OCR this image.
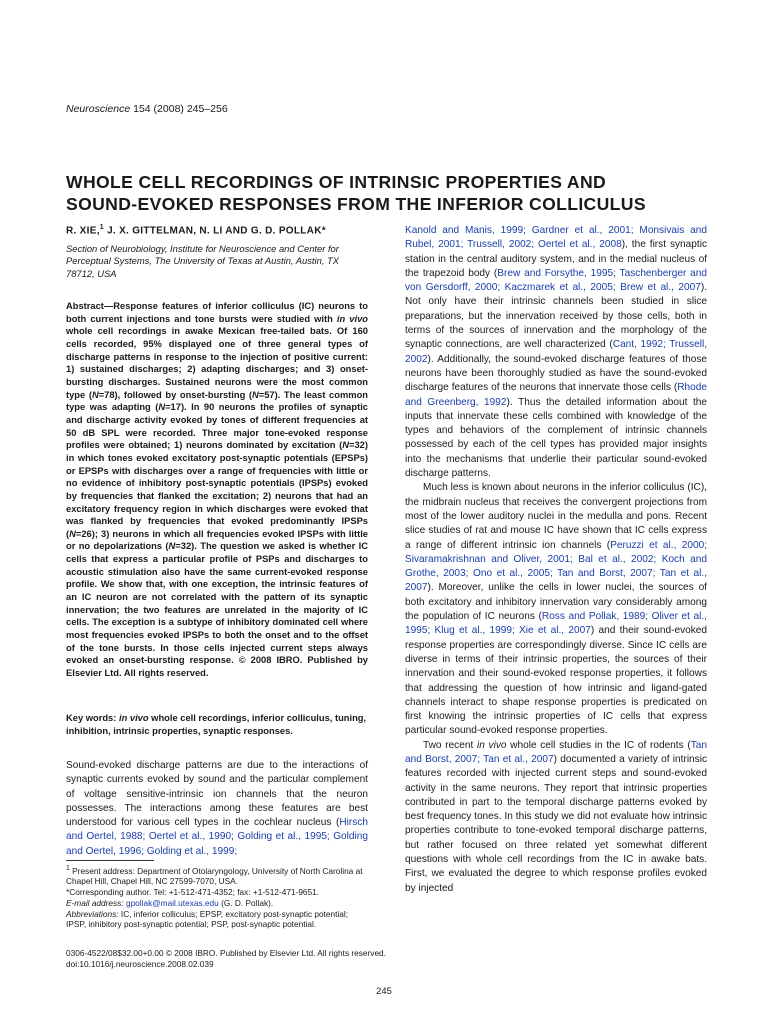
Neuroscience 154 (2008) 245–256
WHOLE CELL RECORDINGS OF INTRINSIC PROPERTIES AND
SOUND-EVOKED RESPONSES FROM THE INFERIOR COLLICULUS
R. XIE,$^1$ J. X. GITTELMAN, N. LI AND G. D. POLLAK*
Section of Neurobiology, Institute for Neuroscience and Center for Perceptual Systems, The University of Texas at Austin, Austin, TX 78712, USA
Abstract—Response features of inferior colliculus (IC) neurons to both current injections and tone bursts were studied with in vivo whole cell recordings in awake Mexican free-tailed bats. Of 160 cells recorded, 95% displayed one of three general types of discharge patterns in response to the injection of positive current: 1) sustained discharges; 2) adapting discharges; and 3) onset-bursting discharges. Sustained neurons were the most common type (N=78), followed by onset-bursting (N=57). The least common type was adapting (N=17). In 90 neurons the profiles of synaptic and discharge activity evoked by tones of different frequencies at 50 dB SPL were recorded. Three major tone-evoked response profiles were obtained; 1) neurons dominated by excitation (N=32) in which tones evoked excitatory post-synaptic potentials (EPSPs) or EPSPs with discharges over a range of frequencies with little or no evidence of inhibitory post-synaptic potentials (IPSPs) evoked by frequencies that flanked the excitation; 2) neurons that had an excitatory frequency region in which discharges were evoked that was flanked by frequencies that evoked predominantly IPSPs (N=26); 3) neurons in which all frequencies evoked IPSPs with little or no depolarizations (N=32). The question we asked is whether IC cells that express a particular profile of PSPs and discharges to acoustic stimulation also have the same current-evoked response profile. We show that, with one exception, the intrinsic features of an IC neuron are not correlated with the pattern of its synaptic innervation; the two features are unrelated in the majority of IC cells. The exception is a subtype of inhibitory dominated cell where most frequencies evoked IPSPs to both the onset and to the offset of the tone bursts. In those cells injected current steps always evoked an onset-bursting response. © 2008 IBRO. Published by Elsevier Ltd. All rights reserved.
Key words: in vivo whole cell recordings, inferior colliculus, tuning, inhibition, intrinsic properties, synaptic responses.
Sound-evoked discharge patterns are due to the interactions of synaptic currents evoked by sound and the particular complement of voltage sensitive-intrinsic ion channels that the neuron possesses. The interactions among these features are best understood for various cell types in the cochlear nucleus (Hirsch and Oertel, 1988; Oertel et al., 1990; Golding et al., 1995; Golding and Oertel, 1996; Golding et al., 1999;
$^1$ Present address: Department of Otolaryngology, University of North Carolina at Chapel Hill, Chapel Hill, NC 27599-7070, USA.
*Corresponding author. Tel: +1-512-471-4352; fax: +1-512-471-9651.
E-mail address: gpollak@mail.utexas.edu (G. D. Pollak).
Abbreviations: IC, inferior colliculus; EPSP, excitatory post-synaptic potential; IPSP, inhibitory post-synaptic potential; PSP, post-synaptic potential.
0306-4522/08$32.00+0.00 © 2008 IBRO. Published by Elsevier Ltd. All rights reserved.
doi:10.1016/j.neuroscience.2008.02.039

Kanold and Manis, 1999; Gardner et al., 2001; Monsivais and Rubel, 2001; Trussell, 2002; Oertel et al., 2008), the first synaptic station in the central auditory system, and in the medial nucleus of the trapezoid body (Brew and Forsythe, 1995; Taschenberger and von Gersdorff, 2000; Kaczmarek et al., 2005; Brew et al., 2007). Not only have their intrinsic channels been studied in slice preparations, but the innervation received by those cells, both in terms of the sources of innervation and the morphology of the synaptic connections, are well characterized (Cant, 1992; Trussell, 2002). Additionally, the sound-evoked discharge features of those neurons have been thoroughly studied as have the sound-evoked discharge features of the neurons that innervate those cells (Rhode and Greenberg, 1992). Thus the detailed information about the inputs that innervate these cells combined with knowledge of the types and behaviors of the complement of intrinsic channels possessed by each of the cell types has provided major insights into the mechanisms that underlie their particular sound-evoked discharge patterns.

Much less is known about neurons in the inferior colliculus (IC), the midbrain nucleus that receives the convergent projections from most of the lower auditory nuclei in the medulla and pons. Recent slice studies of rat and mouse IC have shown that IC cells express a range of different intrinsic ion channels (Peruzzi et al., 2000; Sivaramakrishnan and Oliver, 2001; Bal et al., 2002; Koch and Grothe, 2003; Ono et al., 2005; Tan and Borst, 2007; Tan et al., 2007). Moreover, unlike the cells in lower nuclei, the sources of both excitatory and inhibitory innervation vary considerably among the population of IC neurons (Ross and Pollak, 1989; Oliver et al., 1995; Klug et al., 1999; Xie et al., 2007) and their sound-evoked response properties are correspondingly diverse. Since IC cells are diverse in terms of their intrinsic properties, the sources of their innervation and their sound-evoked response properties, it follows that addressing the question of how intrinsic and ligand-gated channels interact to shape response properties is predicated on first knowing the intrinsic properties of IC cells that express particular sound-evoked response properties.

Two recent in vivo whole cell studies in the IC of rodents (Tan and Borst, 2007; Tan et al., 2007) documented a variety of intrinsic features recorded with injected current steps and sound-evoked activity in the same neurons. They report that intrinsic properties contributed in part to the temporal discharge patterns evoked by best frequency tones. In this study we did not evaluate how intrinsic properties contribute to tone-evoked temporal discharge patterns, but rather focused on three related yet somewhat different questions with whole cell recordings from the IC in awake bats. First, we evaluated the degree to which response profiles evoked by injected

245
